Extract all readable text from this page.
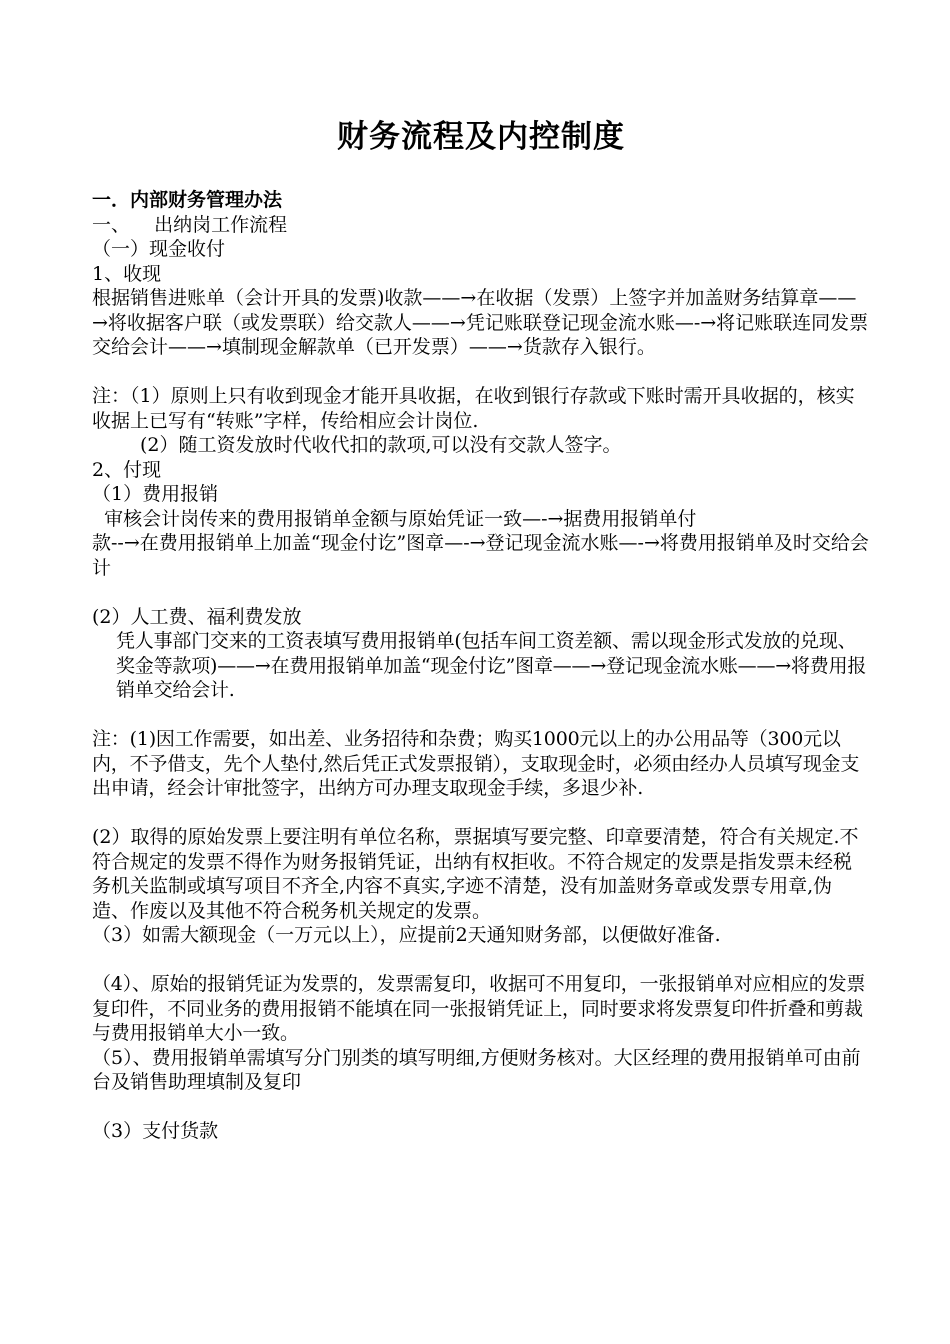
财务流程及内控制度
一．内部财务管理办法
一、    出纳岗工作流程
（一）现金收付
1、收现
根据销售进账单（会计开具的发票)收款——→在收据（发票）上签字并加盖财务结算章——→将收据客户联（或发票联）给交款人——→凭记账联登记现金流水账—-→将记账联连同发票交给会计——→填制现金解款单（已开发票）——→货款存入银行。
注：（1）原则上只有收到现金才能开具收据，在收到银行存款或下账时需开具收据的，核实收据上已写有“转账”字样，传给相应会计岗位.
(2）随工资发放时代收代扣的款项,可以没有交款人签字。
2、付现
（1）费用报销
审核会计岗传来的费用报销单金额与原始凭证一致—-→据费用报销单付
款--→在费用报销单上加盖“现金付讫”图章—-→登记现金流水账—-→将费用报销单及时交给会计
(2）人工费、福利费发放
凭人事部门交来的工资表填写费用报销单(包括车间工资差额、需以现金形式发放的兑现、奖金等款项)——→在费用报销单加盖“现金付讫”图章——→登记现金流水账——→将费用报销单交给会计.
注：(1)因工作需要，如出差、业务招待和杂费；购买1000元以上的办公用品等（300元以内，不予借支，先个人垫付,然后凭正式发票报销），支取现金时，必须由经办人员填写现金支出申请，经会计审批签字，出纳方可办理支取现金手续，多退少补.
(2）取得的原始发票上要注明有单位名称，票据填写要完整、印章要清楚，符合有关规定.不符合规定的发票不得作为财务报销凭证，出纳有权拒收。不符合规定的发票是指发票未经税务机关监制或填写项目不齐全,内容不真实,字迹不清楚，没有加盖财务章或发票专用章,伪造、作废以及其他不符合税务机关规定的发票。
（3）如需大额现金（一万元以上），应提前2天通知财务部，以便做好准备.
（4）、原始的报销凭证为发票的，发票需复印，收据可不用复印，一张报销单对应相应的发票复印件，不同业务的费用报销不能填在同一张报销凭证上，同时要求将发票复印件折叠和剪裁与费用报销单大小一致。
（5）、费用报销单需填写分门别类的填写明细,方便财务核对。大区经理的费用报销单可由前台及销售助理填制及复印
（3）支付货款
